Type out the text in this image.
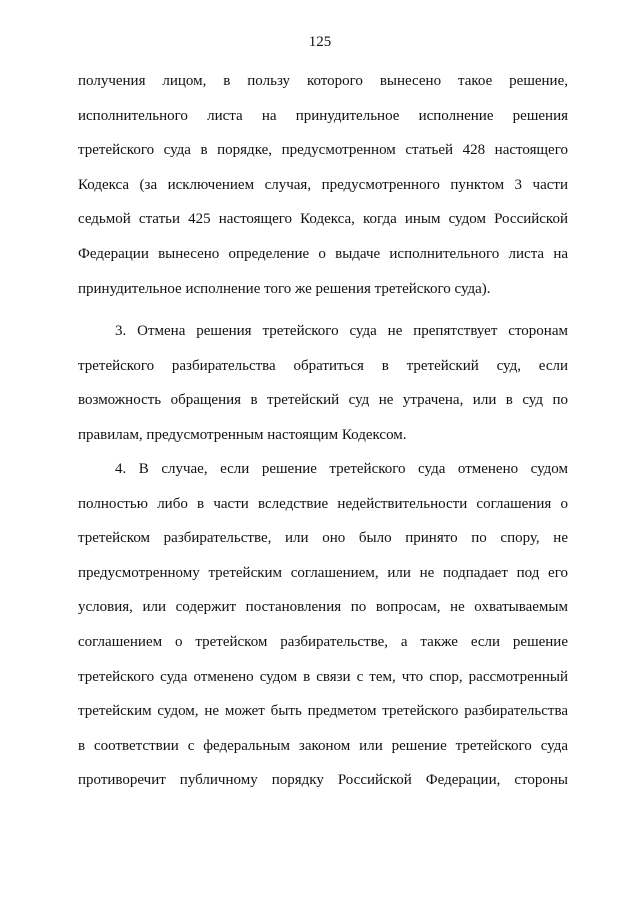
125
получения лицом, в пользу которого вынесено такое решение,
исполнительного листа на принудительное исполнение решения
третейского суда в порядке, предусмотренном статьей 428 настоящего
Кодекса (за исключением случая, предусмотренного пунктом 3 части
седьмой статьи 425 настоящего Кодекса, когда иным судом Российской
Федерации вынесено определение о выдаче исполнительного листа на
принудительное исполнение того же решения третейского суда).
3. Отмена решения третейского суда не препятствует сторонам
третейского разбирательства обратиться в третейский суд, если
возможность обращения в третейский суд не утрачена, или в суд по
правилам, предусмотренным настоящим Кодексом.
4. В случае, если решение третейского суда отменено судом
полностью либо в части вследствие недействительности соглашения о
третейском разбирательстве, или оно было принято по спору, не
предусмотренному третейским соглашением, или не подпадает под его
условия, или содержит постановления по вопросам, не охватываемым
соглашением о третейском разбирательстве, а также если решение
третейского суда отменено судом в связи с тем, что спор, рассмотренный
третейским судом, не может быть предметом третейского разбирательства
в соответствии с федеральным законом или решение третейского суда
противоречит публичному порядку Российской Федерации, стороны
